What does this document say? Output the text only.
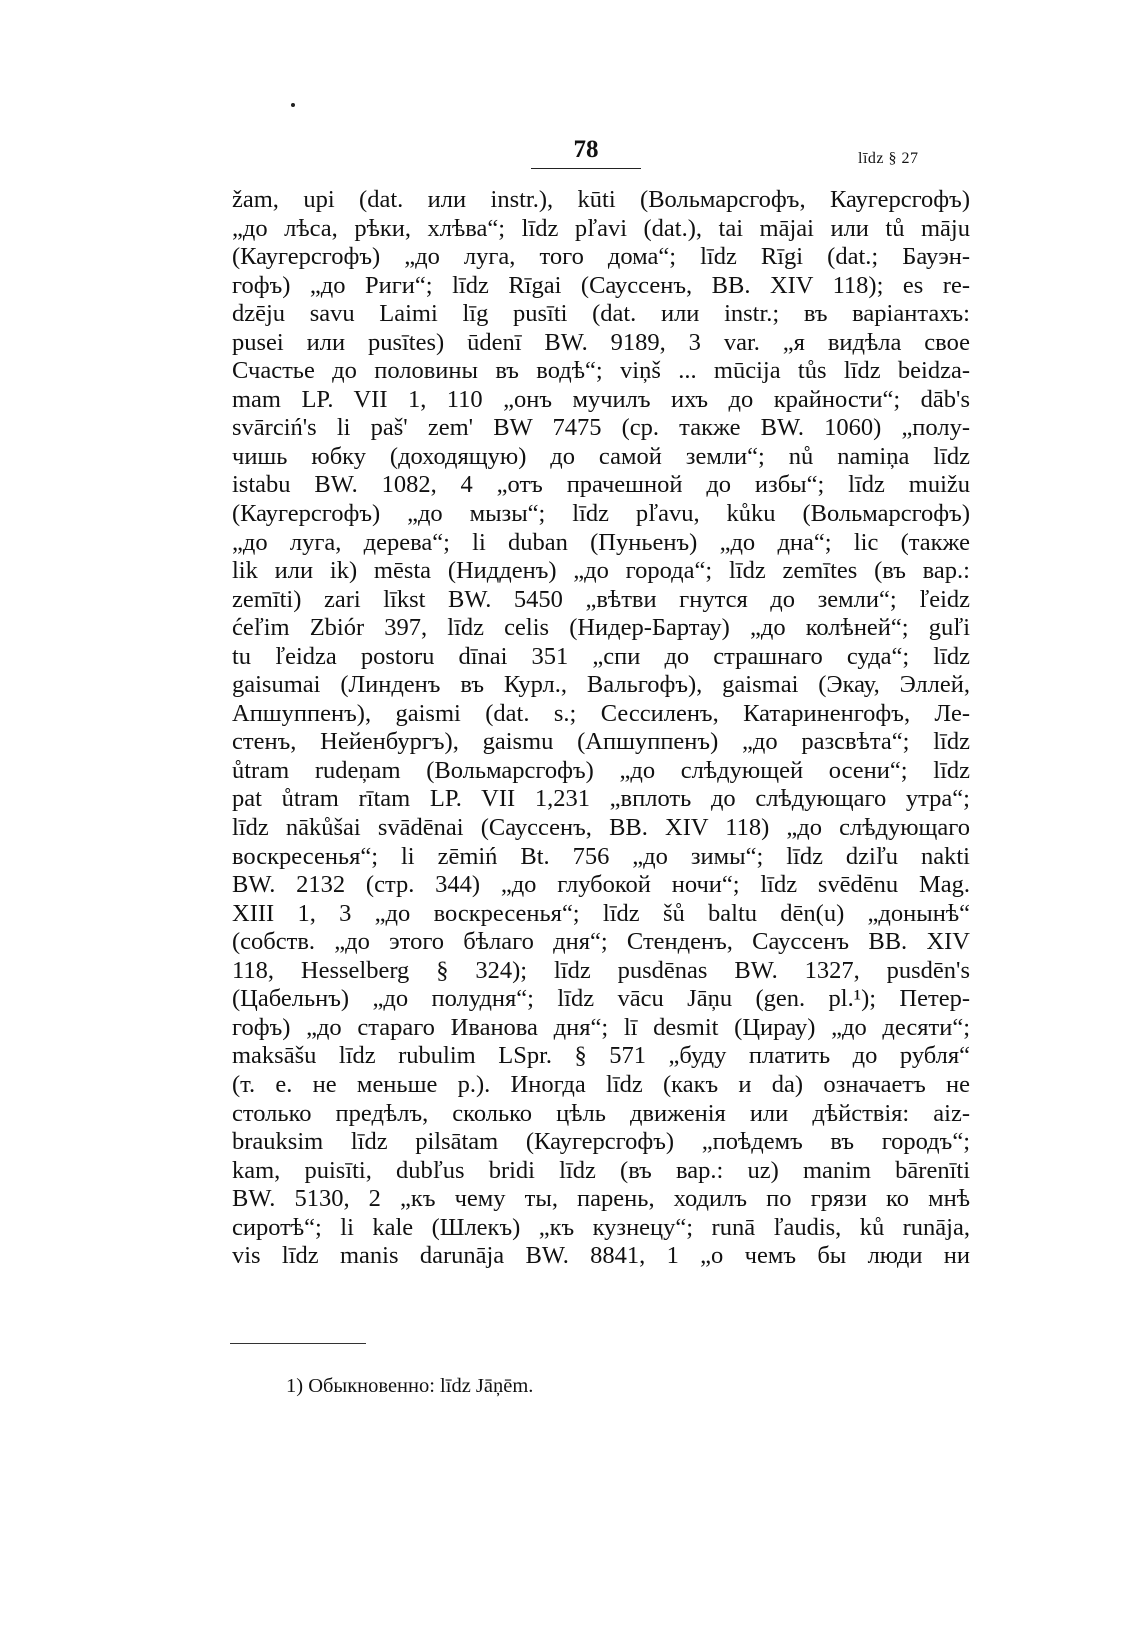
78	līdz § 27
žam, upi (dat. или instr.), kūti (Вольмарсгофъ, Каугерсгофъ)
„до лѣса, рѣки, хлѣва“; līdz pľavi (dat.), tai mājai или tů māju
(Каугерсгофъ) „до луга, того дома“; līdz Rīgi (dat.; Бауэн-
гофъ) „до Риги“; līdz Rīgai (Сауссенъ, BB. XIV 118); es re-
dzēju savu Laimi līg pusīti (dat. или instr.; въ варіантахъ:
pusei или pusītes) ūdenī BW. 9189, 3 var. „я видѣла свое
Счастье до половины въ водѣ“; viņš ... mūcija tůs līdz beidza-
mam LP. VII 1, 110 „онъ мучилъ ихъ до крайности“; dāb's
svārciń's li paš' zem' BW 7475 (ср. также BW. 1060) „полу-
чишь юбку (доходящую) до самой земли“; nů namiņa līdz
istabu BW. 1082, 4 „отъ прачешной до избы“; līdz muižu
(Каугерсгофъ) „до мызы“; līdz pľavu, kůku (Вольмарсгофъ)
„до луга, дерева“; li duban (Пуньенъ) „до дна“; lic (также
lik или ik) mēsta (Нидденъ) „до города“; līdz zemītes (въ вар.:
zemīti) zari līkst BW. 5450 „вѣтви гнутся до земли“; ľeidz
ćeľim Zbiór 397, līdz celis (Нидер-Бартау) „до колѣней“; guľi
tu ľeidza postoru dīnai 351 „спи до страшнаго суда“; līdz
gaisumai (Линденъ въ Курл., Вальгофъ), gaismai (Экау, Эллей,
Апшуппенъ), gaismi (dat. s.; Сессиленъ, Катариненгофъ, Ле-
стенъ, Нейенбургъ), gaismu (Апшуппенъ) „до разсвѣта“; līdz
ůtram rudeņam (Вольмарсгофъ) „до слѣдующей осени“; līdz
pat ůtram rītam LP. VII 1,231 „вплоть до слѣдующаго утра“;
līdz nākůšai svādēnai (Сауссенъ, BB. XIV 118) „до слѣдующаго
воскресенья“; li zēmiń Bt. 756 „до зимы“; līdz dziľu nakti
BW. 2132 (стр. 344) „до глубокой ночи“; līdz svēdēnu Mag.
XIII 1, 3 „до воскресенья“; līdz šů baltu dēn(u) „донынѣ“
(собств. „до этого бѣлаго дня“; Стенденъ, Сауссенъ BB. XIV
118, Hesselberg § 324); līdz pusdēnas BW. 1327, pusdēn's
(Цабельнъ) „до полудня“; līdz vācu Jāņu (gen. pl.¹); Петер-
гофъ) „до стараго Иванова дня“; lī desmit (Цирау) „до десяти“;
maksāšu līdz rubulim LSpr. § 571 „буду платить до рубля“
(т. е. не меньше р.). Иногда līdz (какъ и da) означаетъ не
столько предѣлъ, сколько цѣль движенія или дѣйствія: aiz-
brauksim līdz pilsātam (Каугерсгофъ) „поѣдемъ въ городъ“;
kam, puisīti, dubľus bridi līdz (въ вар.: uz) manim bārenīti
BW. 5130, 2 „къ чему ты, парень, ходилъ по грязи ко мнѣ
сиротѣ“; li kale (Шлекъ) „къ кузнецу“; runā ľaudis, ků runāja,
vis līdz manis darunāja BW. 8841, 1 „о чемъ бы люди ни
1) Обыкновенно: līdz Jāņēm.
